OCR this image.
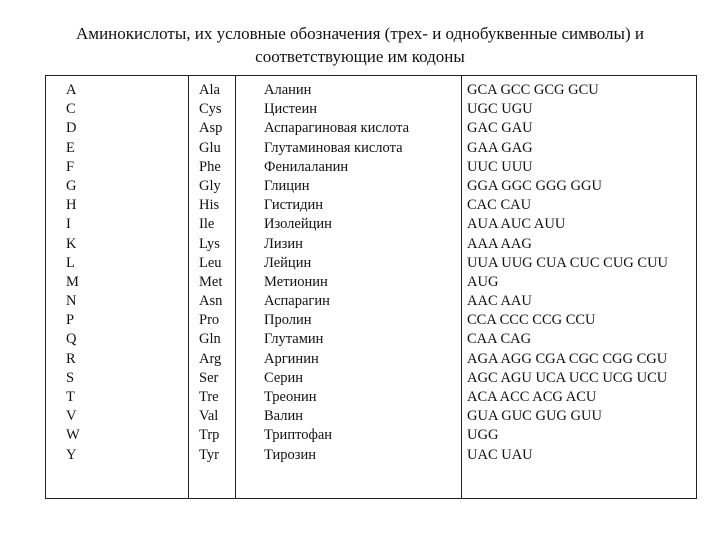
Аминокислоты, их условные обозначения (трех- и однобуквенные символы) и
соответствующие им кодоны
A
C
D
E
F
G
H
I
K
L
M
N
P
Q
R
S
T
V
W
Y
Ala
Cys
Asp
Glu
Phe
Gly
His
Ile
Lys
Leu
Met
Asn
Pro
Gln
Arg
Ser
Tre
Val
Trp
Tyr
Аланин
Цистеин
Аспарагиновая кислота
Глутаминовая кислота
Фенилаланин
Глицин
Гистидин
Изолейцин
Лизин
Лейцин
Метионин
Аспарагин
Пролин
Глутамин
Аргинин
Серин
Треонин
Валин
Триптофан
Тирозин
GCA GCC GCG GCU
UGC UGU
GAC GAU
GAA GAG
UUC UUU
GGA GGC GGG GGU
CAC CAU
AUA AUC AUU
AAA AAG
UUA UUG CUA CUC CUG CUU
AUG
AAC AAU
CCA CCC CCG CCU
CAA CAG
AGA AGG CGA CGC CGG CGU
AGC AGU UCA UCC UCG UCU
ACA ACC ACG ACU
GUA GUC GUG GUU
UGG
UAC UAU
